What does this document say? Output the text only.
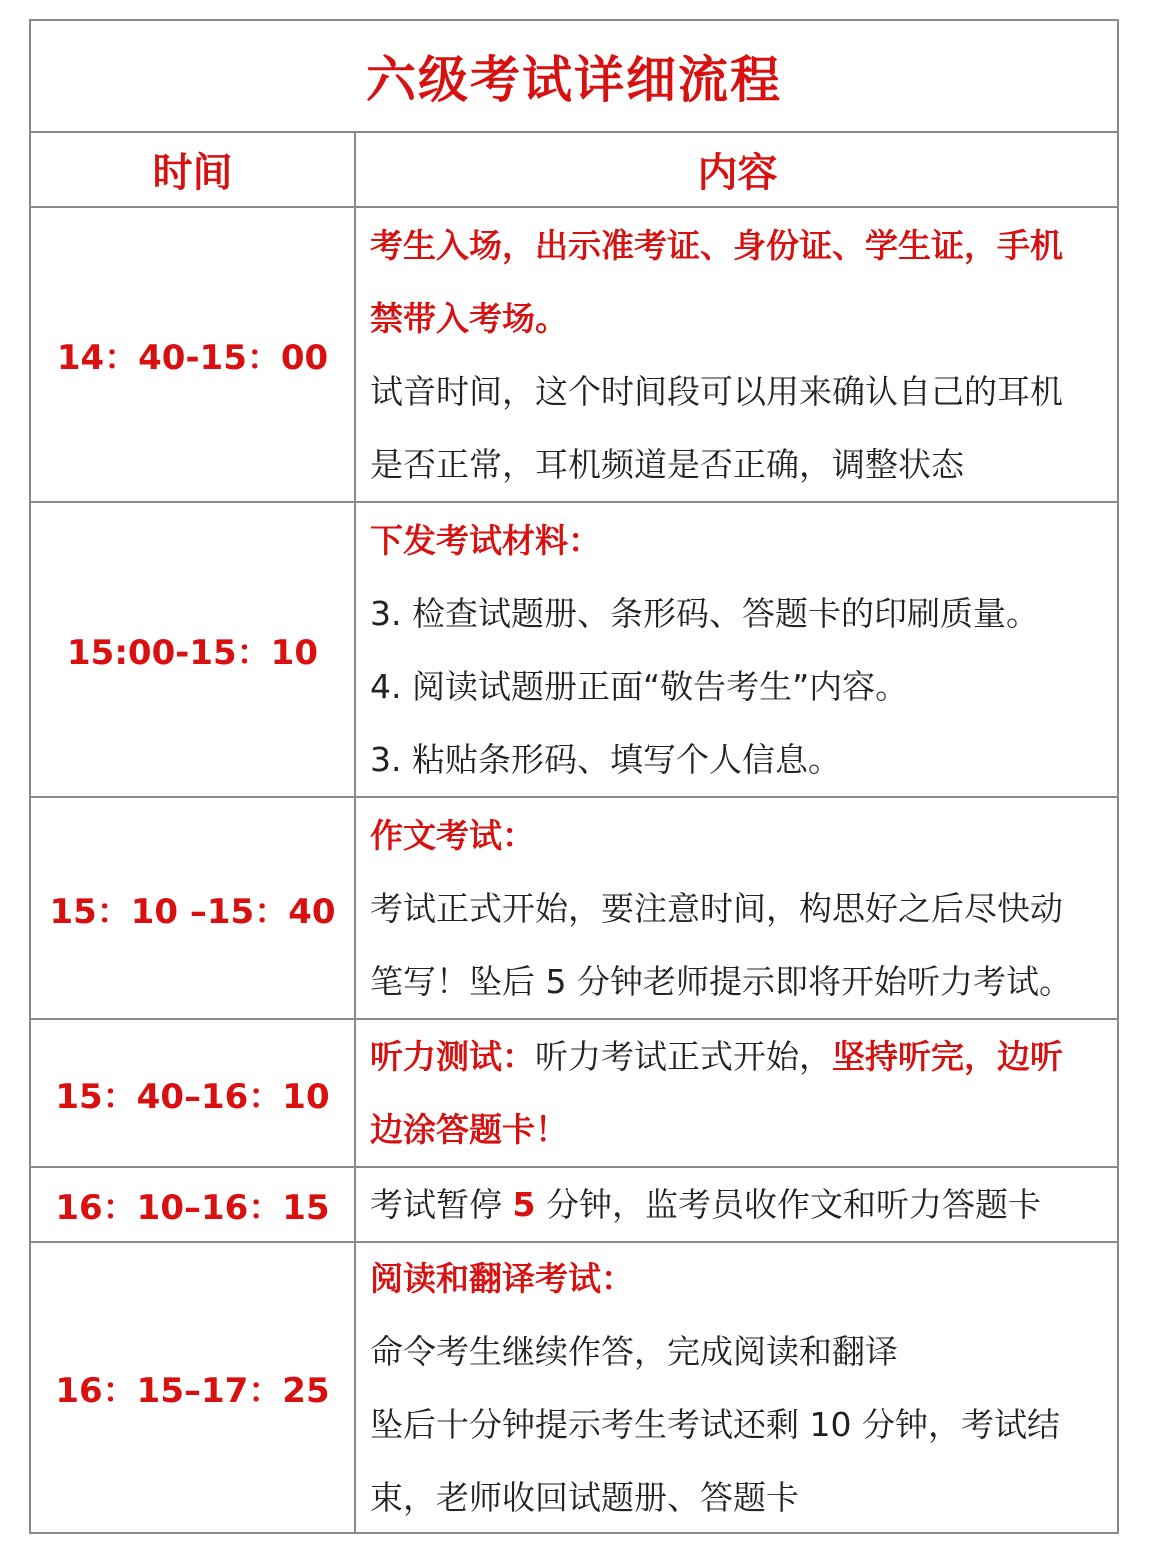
六级考试详细流程
时间	内容
14：40-15：00
考生入场，出示准考证、身份证、学生证，手机
禁带入考场。
试音时间，这个时间段可以用来确认自己的耳机
是否正常，耳机频道是否正确，调整状态
15:00-15：10
下发考试材料：
3. 检查试题册、条形码、答题卡的印刷质量。
4. 阅读试题册正面“敬告考生”内容。
3. 粘贴条形码、填写个人信息。
15：10 –15：40
作文考试：
考试正式开始，要注意时间，构思好之后尽快动
笔写！坠后 5 分钟老师提示即将开始听力考试。
15：40–16：10
听力测试：听力考试正式开始，坚持听完，边听
边涂答题卡！
16：10–16：15	考试暂停 5 分钟，监考员收作文和听力答题卡
16：15–17：25
阅读和翻译考试：
命令考生继续作答，完成阅读和翻译
坠后十分钟提示考生考试还剩 10 分钟，考试结
束，老师收回试题册、答题卡
